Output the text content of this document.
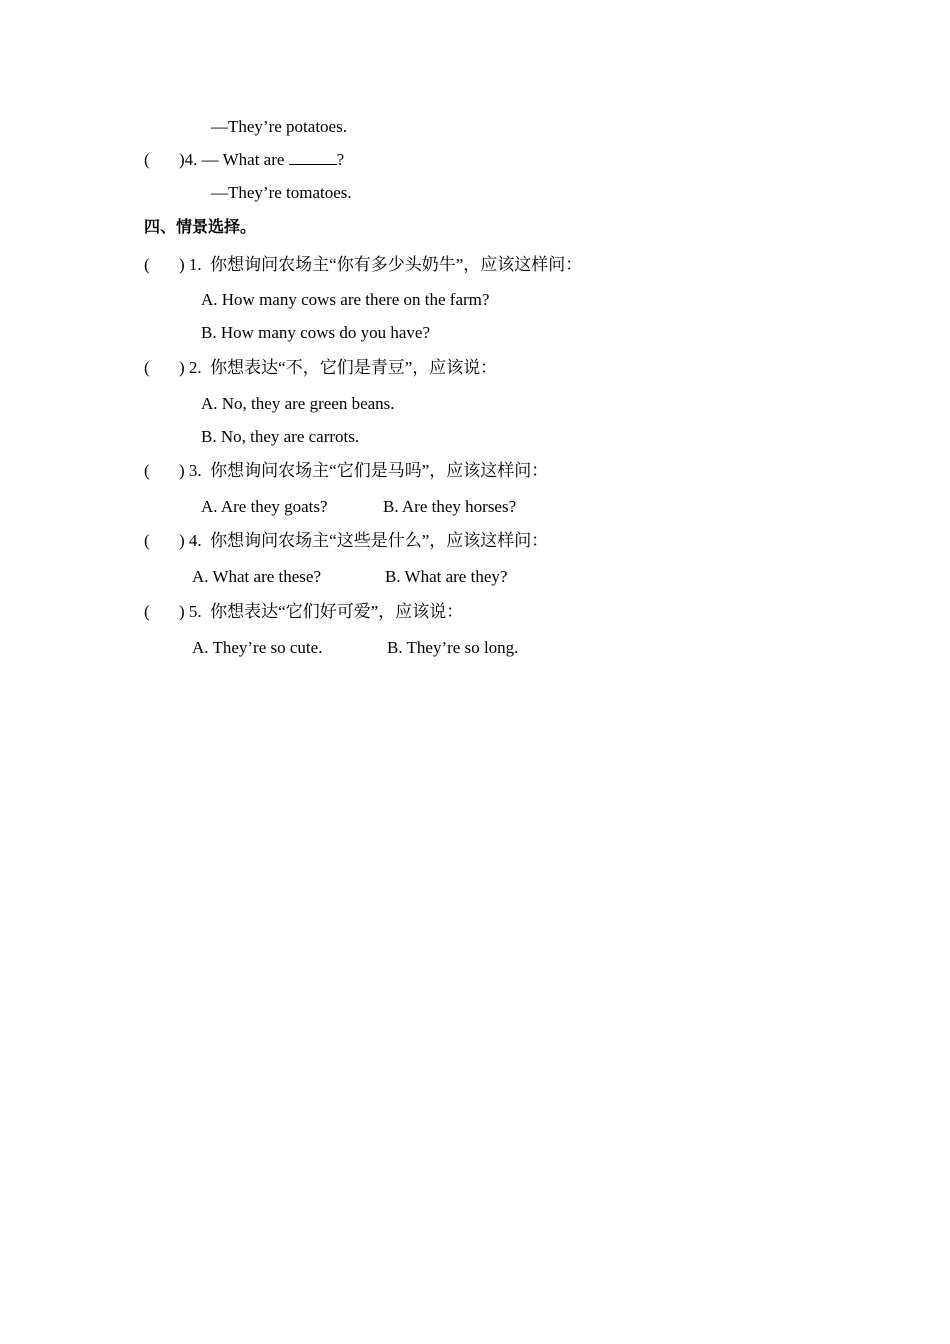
—They’re potatoes.
( )4. — What are	?
—They’re tomatoes.
四、情景选择。
( ) 1.  你想询问农场主“你有多少头奶牛”，应该这样问：
A. How many cows are there on the farm?
B. How many cows do you have?
( ) 2.  你想表达“不，它们是青豆”，应该说：
A. No, they are green beans.
B. No, they are carrots.
( ) 3.  你想询问农场主“它们是马吗”，应该这样问：
A. Are they goats?	B. Are they horses?
( ) 4.  你想询问农场主“这些是什么”，应该这样问：
A. What are these?	B. What are they?
( ) 5.  你想表达“它们好可爱”，应该说：
A. They’re so cute.	B. They’re so long.
